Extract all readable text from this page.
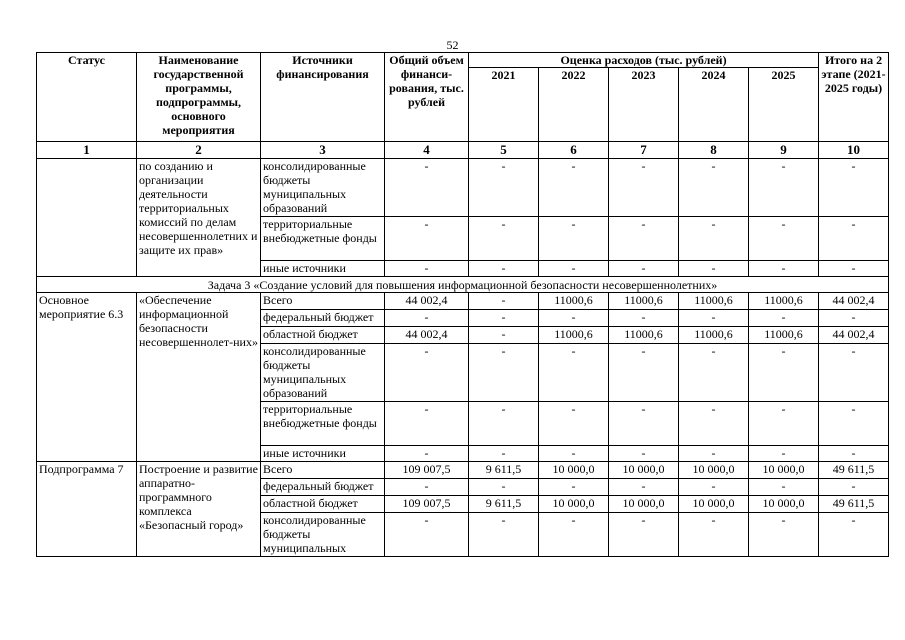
52
Статус	Наименование государственной программы, подпрограммы, основного мероприятия	Источники финансирования	Общий объем финанси-рования, тыс. рублей	Оценка расходов (тыс. рублей)					Итого на 2 этапе (2021-2025 годы)
				2021	2022	2023	2024	2025	
1	2	3	4	5	6	7	8	9	10
	по созданию и организации деятельности территориальных комиссий по делам несовершеннолетних и защите их прав»	консолидированные бюджеты муниципальных образований	-	-	-	-	-	-	-
		территориальные внебюджетные фонды	-	-	-	-	-	-	-
		иные источники	-	-	-	-	-	-	-
Задача 3 «Создание условий для повышения информационной безопасности несовершеннолетних»									
Основное мероприятие 6.3	«Обеспечение информационной безопасности несовершеннолет-них»	Всего	44 002,4	-	11000,6	11000,6	11000,6	11000,6	44 002,4
		федеральный бюджет	-	-	-	-	-	-	-
		областной бюджет	44 002,4	-	11000,6	11000,6	11000,6	11000,6	44 002,4
		консолидированные бюджеты муниципальных образований	-	-	-	-	-	-	-
		территориальные внебюджетные фонды	-	-	-	-	-	-	-
		иные источники	-	-	-	-	-	-	-
Подпрограмма 7	Построение и развитие аппаратно-программного комплекса «Безопасный город»	Всего	109 007,5	9 611,5	10 000,0	10 000,0	10 000,0	10 000,0	49 611,5
		федеральный бюджет	-	-	-	-	-	-	-
		областной бюджет	109 007,5	9 611,5	10 000,0	10 000,0	10 000,0	10 000,0	49 611,5
		консолидированные бюджеты муниципальных	-	-	-	-	-	-	-
